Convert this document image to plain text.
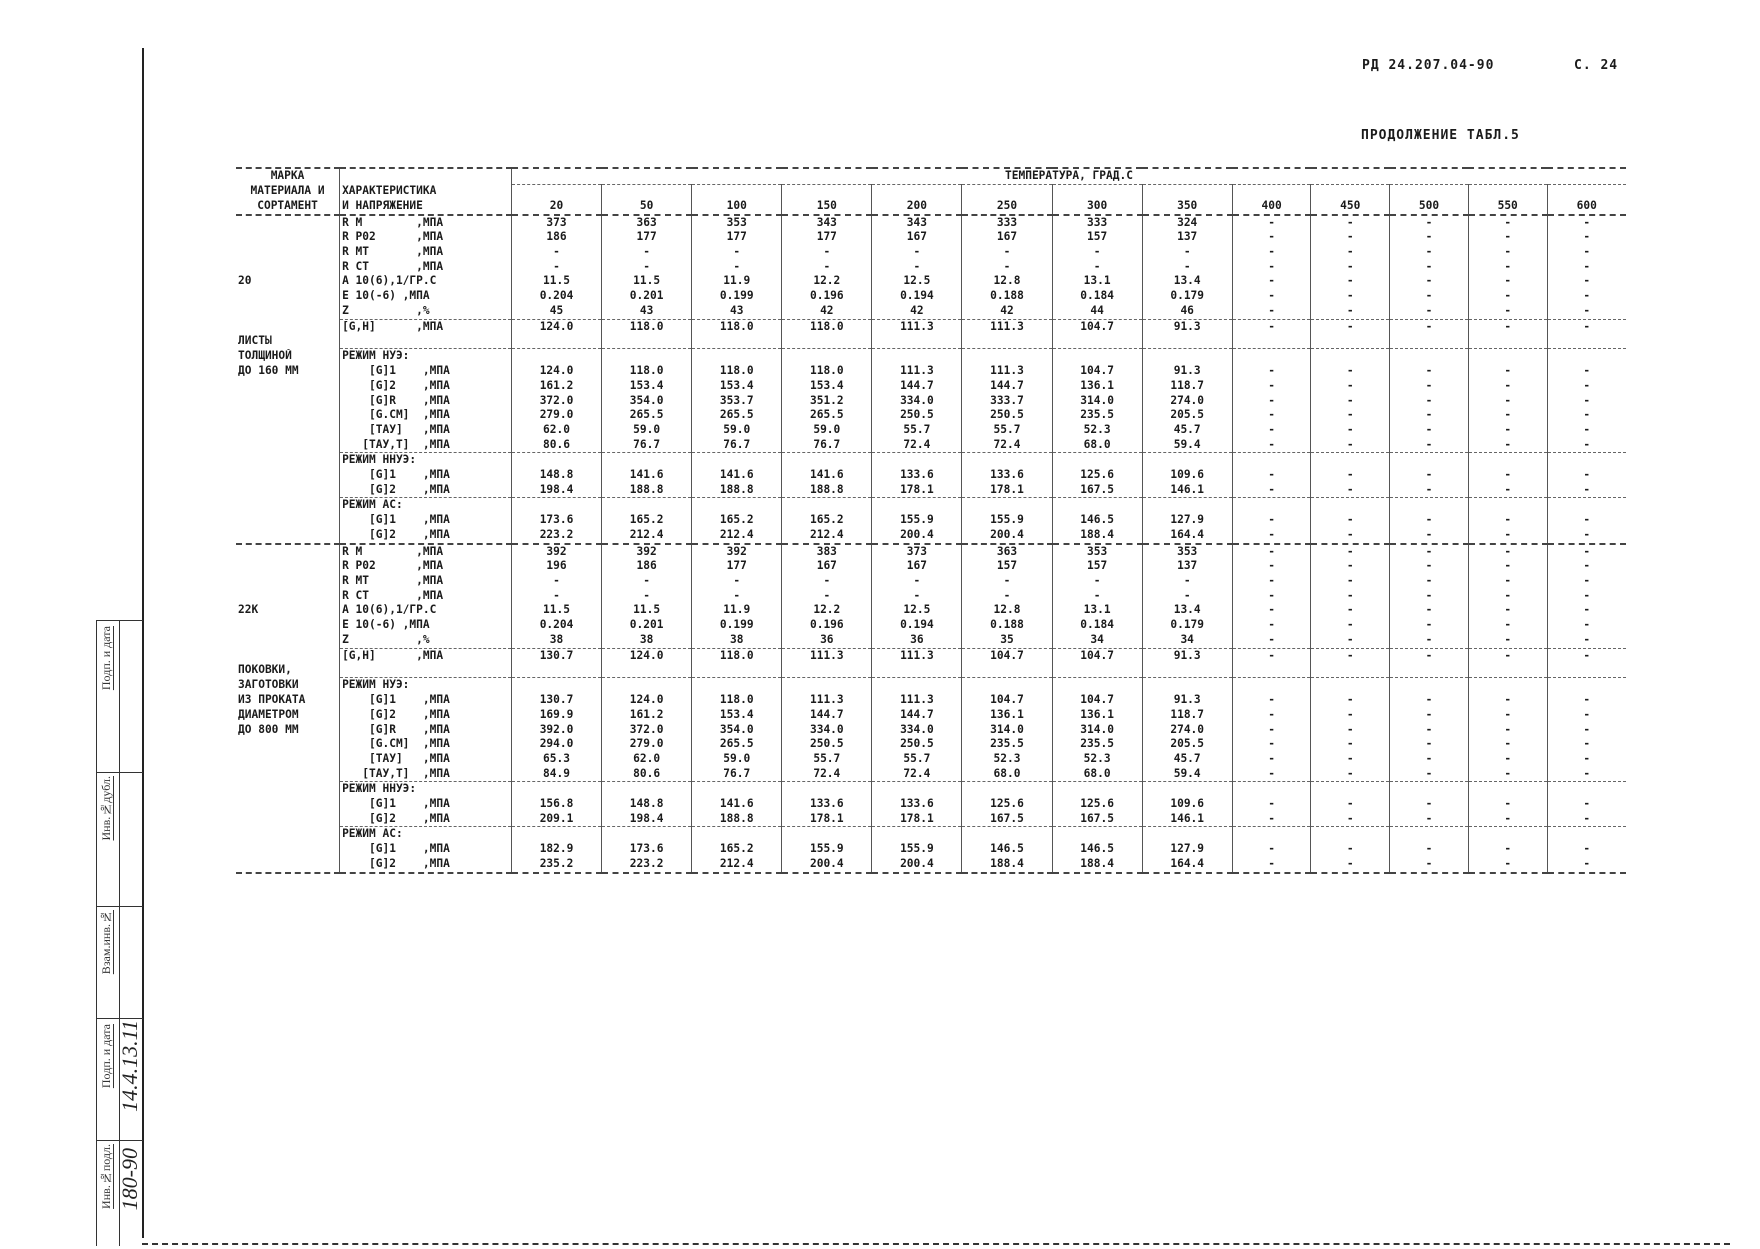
РД 24.207.04-90	С. 24
ПРОДОЛЖЕНИЕ ТАБЛ.5
Подп. и дата
Инв.№дубл.
Взам.инв.№
Подп. и дата 14.4.13.11
Инв.№подл. 180-90
МАРКА		ТЕМПЕРАТУРА, ГРАД.С												
МАТЕРИАЛА И	ХАРАКТЕРИСТИКА													
СОРТАМЕНТ	И НАПРЯЖЕНИЕ	20	50	100	150	200	250	300	350	400	450	500	550	600

	R M        ,МПА	373	363	353	343	343	333	333	324	-	-	-	-	-
	R P02      ,МПА	186	177	177	177	167	167	157	137	-	-	-	-	-
	R MT       ,МПА	-	-	-	-	-	-	-	-	-	-	-	-	-
	R CT       ,МПА	-	-	-	-	-	-	-	-	-	-	-	-	-
20	A 10(6),1/ГР.С	11.5	11.5	11.9	12.2	12.5	12.8	13.1	13.4	-	-	-	-	-
	E 10(-6) ,МПА	0.204	0.201	0.199	0.196	0.194	0.188	0.184	0.179	-	-	-	-	-
	Z          ,%	45	43	43	42	42	42	44	46	-	-	-	-	-
	[G,H]      ,МПА	124.0	118.0	118.0	118.0	111.3	111.3	104.7	91.3	-	-	-	-	-
ЛИСТЫ														
ТОЛЩИНОЙ	РЕЖИМ НУЭ:													
ДО 160 ММ	[G]1    ,МПА	124.0	118.0	118.0	118.0	111.3	111.3	104.7	91.3	-	-	-	-	-
	[G]2    ,МПА	161.2	153.4	153.4	153.4	144.7	144.7	136.1	118.7	-	-	-	-	-
	[G]R    ,МПА	372.0	354.0	353.7	351.2	334.0	333.7	314.0	274.0	-	-	-	-	-
	[G.CM]  ,МПА	279.0	265.5	265.5	265.5	250.5	250.5	235.5	205.5	-	-	-	-	-
	[ТАУ]   ,МПА	62.0	59.0	59.0	59.0	55.7	55.7	52.3	45.7	-	-	-	-	-
	[ТАУ,Т]  ,МПА	80.6	76.7	76.7	76.7	72.4	72.4	68.0	59.4	-	-	-	-	-
	РЕЖИМ ННУЭ:													
	[G]1    ,МПА	148.8	141.6	141.6	141.6	133.6	133.6	125.6	109.6	-	-	-	-	-
	[G]2    ,МПА	198.4	188.8	188.8	188.8	178.1	178.1	167.5	146.1	-	-	-	-	-
	РЕЖИМ АС:													
	[G]1    ,МПА	173.6	165.2	165.2	165.2	155.9	155.9	146.5	127.9	-	-	-	-	-
	[G]2    ,МПА	223.2	212.4	212.4	212.4	200.4	200.4	188.4	164.4	-	-	-	-	-

	R M        ,МПА	392	392	392	383	373	363	353	353	-	-	-	-	-
	R P02      ,МПА	196	186	177	167	167	157	157	137	-	-	-	-	-
	R MT       ,МПА	-	-	-	-	-	-	-	-	-	-	-	-	-
	R CT       ,МПА	-	-	-	-	-	-	-	-	-	-	-	-	-
22К	A 10(6),1/ГР.С	11.5	11.5	11.9	12.2	12.5	12.8	13.1	13.4	-	-	-	-	-
	E 10(-6) ,МПА	0.204	0.201	0.199	0.196	0.194	0.188	0.184	0.179	-	-	-	-	-
	Z          ,%	38	38	38	36	36	35	34	34	-	-	-	-	-
	[G,H]      ,МПА	130.7	124.0	118.0	111.3	111.3	104.7	104.7	91.3	-	-	-	-	-
ПОКОВКИ,														
ЗАГОТОВКИ	РЕЖИМ НУЭ:													
ИЗ ПРОКАТА	[G]1    ,МПА	130.7	124.0	118.0	111.3	111.3	104.7	104.7	91.3	-	-	-	-	-
ДИАМЕТРОМ	[G]2    ,МПА	169.9	161.2	153.4	144.7	144.7	136.1	136.1	118.7	-	-	-	-	-
ДО 800 ММ	[G]R    ,МПА	392.0	372.0	354.0	334.0	334.0	314.0	314.0	274.0	-	-	-	-	-
	[G.CM]  ,МПА	294.0	279.0	265.5	250.5	250.5	235.5	235.5	205.5	-	-	-	-	-
	[ТАУ]   ,МПА	65.3	62.0	59.0	55.7	55.7	52.3	52.3	45.7	-	-	-	-	-
	[ТАУ,Т]  ,МПА	84.9	80.6	76.7	72.4	72.4	68.0	68.0	59.4	-	-	-	-	-
	РЕЖИМ ННУЭ:													
	[G]1    ,МПА	156.8	148.8	141.6	133.6	133.6	125.6	125.6	109.6	-	-	-	-	-
	[G]2    ,МПА	209.1	198.4	188.8	178.1	178.1	167.5	167.5	146.1	-	-	-	-	-
	РЕЖИМ АС:													
	[G]1    ,МПА	182.9	173.6	165.2	155.9	155.9	146.5	146.5	127.9	-	-	-	-	-
	[G]2    ,МПА	235.2	223.2	212.4	200.4	200.4	188.4	188.4	164.4	-	-	-	-	-
